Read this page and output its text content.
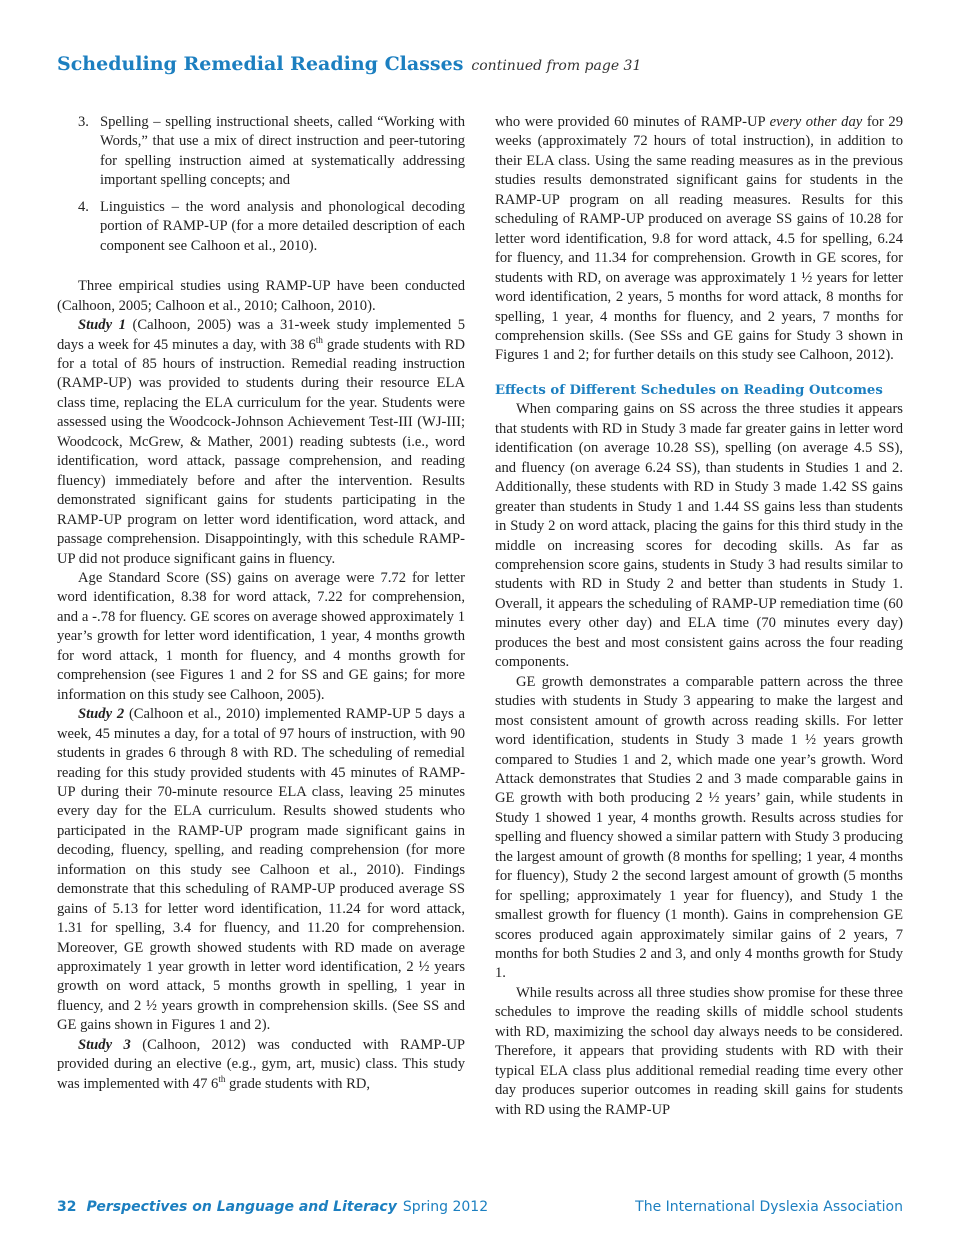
Scheduling Remedial Reading Classes continued from page 31
3. Spelling – spelling instructional sheets, called “Working with Words,” that use a mix of direct instruction and peer-tutoring for spelling instruction aimed at systematically addressing important spelling concepts; and
4. Linguistics – the word analysis and phonological decoding portion of RAMP-UP (for a more detailed description of each component see Calhoon et al., 2010).

Three empirical studies using RAMP-UP have been conducted (Calhoon, 2005; Calhoon et al., 2010; Calhoon, 2010).

Study 1 (Calhoon, 2005) was a 31-week study implemented 5 days a week for 45 minutes a day, with 38 6th grade students with RD for a total of 85 hours of instruction. Remedial reading instruction (RAMP-UP) was provided to students during their resource ELA class time, replacing the ELA curriculum for the year. Students were assessed using the Woodcock-Johnson Achievement Test-III (WJ-III; Woodcock, McGrew, & Mather, 2001) reading subtests (i.e., word identification, word attack, passage comprehension, and reading fluency) immediately before and after the intervention. Results demonstrated significant gains for students participating in the RAMP-UP program on letter word identification, word attack, and passage comprehension. Disappointingly, with this schedule RAMP-UP did not produce significant gains in fluency.

Age Standard Score (SS) gains on average were 7.72 for letter word identification, 8.38 for word attack, 7.22 for comprehension, and a -.78 for fluency. GE scores on average showed approximately 1 year’s growth for letter word identification, 1 year, 4 months growth for word attack, 1 month for fluency, and 4 months growth for comprehension (see Figures 1 and 2 for SS and GE gains; for more information on this study see Calhoon, 2005).

Study 2 (Calhoon et al., 2010) implemented RAMP-UP 5 days a week, 45 minutes a day, for a total of 97 hours of instruction, with 90 students in grades 6 through 8 with RD. The scheduling of remedial reading for this study provided students with 45 minutes of RAMP-UP during their 70-minute resource ELA class, leaving 25 minutes every day for the ELA curriculum. Results showed students who participated in the RAMP-UP program made significant gains in decoding, fluency, spelling, and reading comprehension (for more information on this study see Calhoon et al., 2010). Findings demonstrate that this scheduling of RAMP-UP produced average SS gains of 5.13 for letter word identification, 11.24 for word attack, 1.31 for spelling, 3.4 for fluency, and 11.20 for comprehension. Moreover, GE growth showed students with RD made on average approximately 1 year growth in letter word identification, 2 ½ years growth on word attack, 5 months growth in spelling, 1 year in fluency, and 2 ½ years growth in comprehension skills. (See SS and GE gains shown in Figures 1 and 2).

Study 3 (Calhoon, 2012) was conducted with RAMP-UP provided during an elective (e.g., gym, art, music) class. This study was implemented with 47 6th grade students with RD,

who were provided 60 minutes of RAMP-UP every other day for 29 weeks (approximately 72 hours of total instruction), in addition to their ELA class. Using the same reading measures as in the previous studies results demonstrated significant gains for students in the RAMP-UP program on all reading measures. Results for this scheduling of RAMP-UP produced on average SS gains of 10.28 for letter word identification, 9.8 for word attack, 4.5 for spelling, 6.24 for fluency, and 11.34 for comprehension. Growth in GE scores, for students with RD, on average was approximately 1 ½ years for letter word identification, 2 years, 5 months for word attack, 8 months for spelling, 1 year, 4 months for fluency, and 2 years, 7 months for comprehension skills. (See SSs and GE gains for Study 3 shown in Figures 1 and 2; for further details on this study see Calhoon, 2012).

Effects of Different Schedules on Reading Outcomes

When comparing gains on SS across the three studies it appears that students with RD in Study 3 made far greater gains in letter word identification (on average 10.28 SS), spelling (on average 4.5 SS), and fluency (on average 6.24 SS), than students in Studies 1 and 2. Additionally, these students with RD in Study 3 made 1.42 SS gains greater than students in Study 1 and 1.44 SS gains less than students in Study 2 on word attack, placing the gains for this third study in the middle on increasing scores for decoding skills. As far as comprehension score gains, students in Study 3 had results similar to students with RD in Study 2 and better than students in Study 1. Overall, it appears the scheduling of RAMP-UP remediation time (60 minutes every other day) and ELA time (70 minutes every day) produces the best and most consistent gains across the four reading components.

GE growth demonstrates a comparable pattern across the three studies with students in Study 3 appearing to make the largest and most consistent amount of growth across reading skills. For letter word identification, students in Study 3 made 1 ½ years growth compared to Studies 1 and 2, which made one year’s growth. Word Attack demonstrates that Studies 2 and 3 made comparable gains in GE growth with both producing 2 ½ years’ gain, while students in Study 1 showed 1 year, 4 months growth. Results across studies for spelling and fluency showed a similar pattern with Study 3 producing the largest amount of growth (8 months for spelling; 1 year, 4 months for fluency), Study 2 the second largest amount of growth (5 months for spelling; approximately 1 year for fluency), and Study 1 the smallest growth for fluency (1 month). Gains in comprehension GE scores produced again approximately similar gains of 2 years, 7 months for both Studies 2 and 3, and only 4 months growth for Study 1.

While results across all three studies show promise for these three schedules to improve the reading skills of middle school students with RD, maximizing the school day always needs to be considered. Therefore, it appears that providing students with RD with their typical ELA class plus additional remedial reading time every other day produces superior outcomes in reading skill gains for students with RD using the RAMP-UP

32 Perspectives on Language and Literacy Spring 2012	The International Dyslexia Association
